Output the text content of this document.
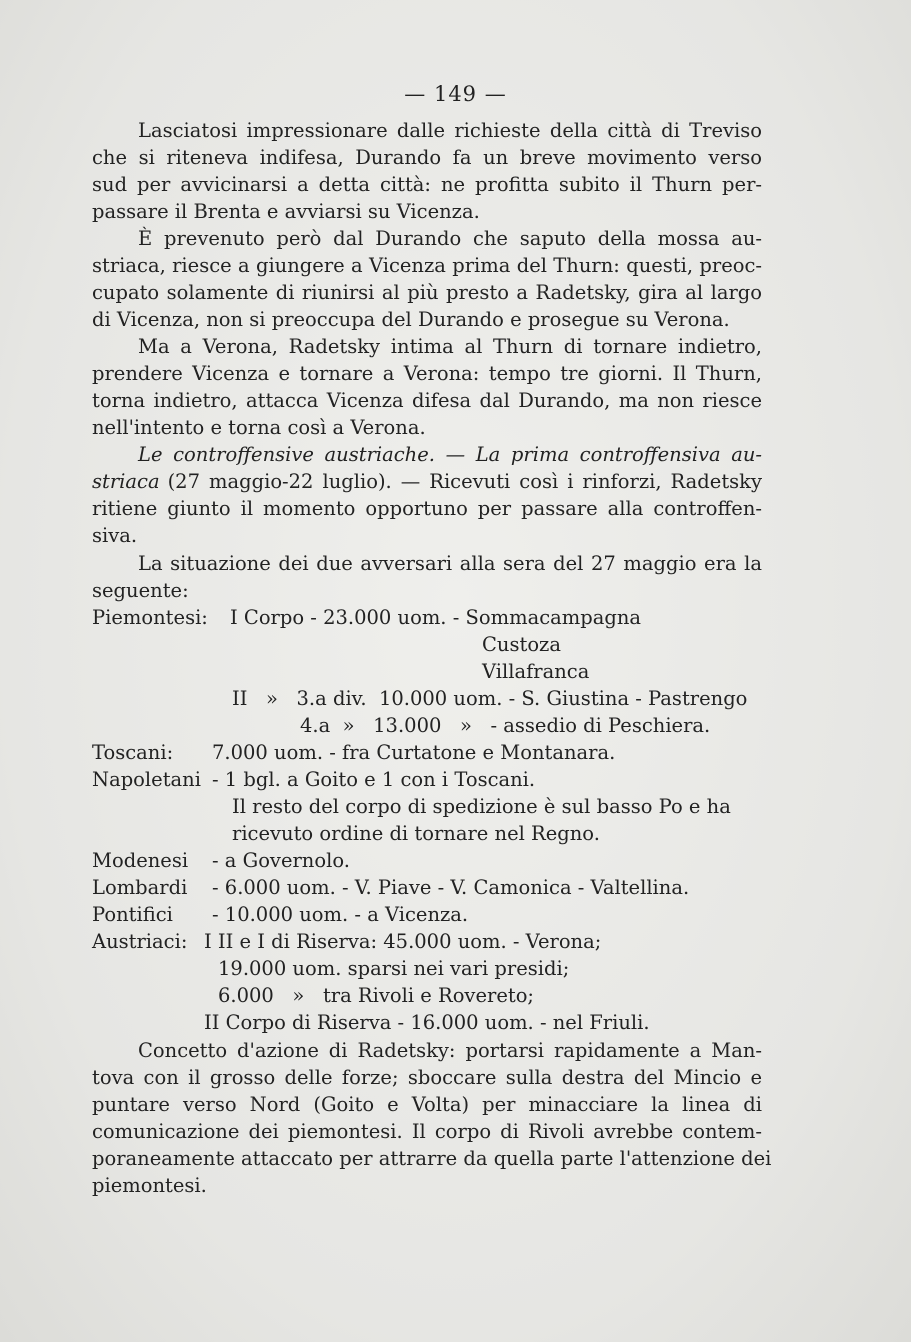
— 149 —
Lasciatosi impressionare dalle richieste della città di Treviso
che si riteneva indifesa, Durando fa un breve movimento verso
sud per avvicinarsi a detta città: ne profitta subito il Thurn per-
passare il Brenta e avviarsi su Vicenza.
È prevenuto però dal Durando che saputo della mossa au-
striaca, riesce a giungere a Vicenza prima del Thurn: questi, preoc-
cupato solamente di riunirsi al più presto a Radetsky, gira al largo
di Vicenza, non si preoccupa del Durando e prosegue su Verona.
Ma a Verona, Radetsky intima al Thurn di tornare indietro,
prendere Vicenza e tornare a Verona: tempo tre giorni. Il Thurn,
torna indietro, attacca Vicenza difesa dal Durando, ma non riesce
nell'intento e torna così a Verona.
Le controffensive austriache. — La prima controffensiva au-
striaca (27 maggio-22 luglio). — Ricevuti così i rinforzi, Radetsky
ritiene giunto il momento opportuno per passare alla controffen-
siva.
La situazione dei due avversari alla sera del 27 maggio era la
seguente:
Piemontesi: I Corpo - 23.000 uom. - Sommacampagna
Custoza
Villafranca
II   »   3.a div.  10.000 uom. - S. Giustina - Pastrengo
4.a  »   13.000   »   - assedio di Peschiera.
Toscani: 7.000 uom. - fra Curtatone e Montanara.
Napoletani - 1 bgl. a Goito e 1 con i Toscani.
Il resto del corpo di spedizione è sul basso Po e ha
ricevuto ordine di tornare nel Regno.
Modenesi - a Governolo.
Lombardi - 6.000 uom. - V. Piave - V. Camonica - Valtellina.
Pontifici - 10.000 uom. - a Vicenza.
Austriaci: I II e I di Riserva: 45.000 uom. - Verona;
19.000 uom. sparsi nei vari presidi;
6.000   »   tra Rivoli e Rovereto;
II Corpo di Riserva - 16.000 uom. - nel Friuli.
Concetto d'azione di Radetsky: portarsi rapidamente a Man-
tova con il grosso delle forze; sboccare sulla destra del Mincio e
puntare verso Nord (Goito e Volta) per minacciare la linea di
comunicazione dei piemontesi. Il corpo di Rivoli avrebbe contem-
poraneamente attaccato per attrarre da quella parte l'attenzione dei
piemontesi.
